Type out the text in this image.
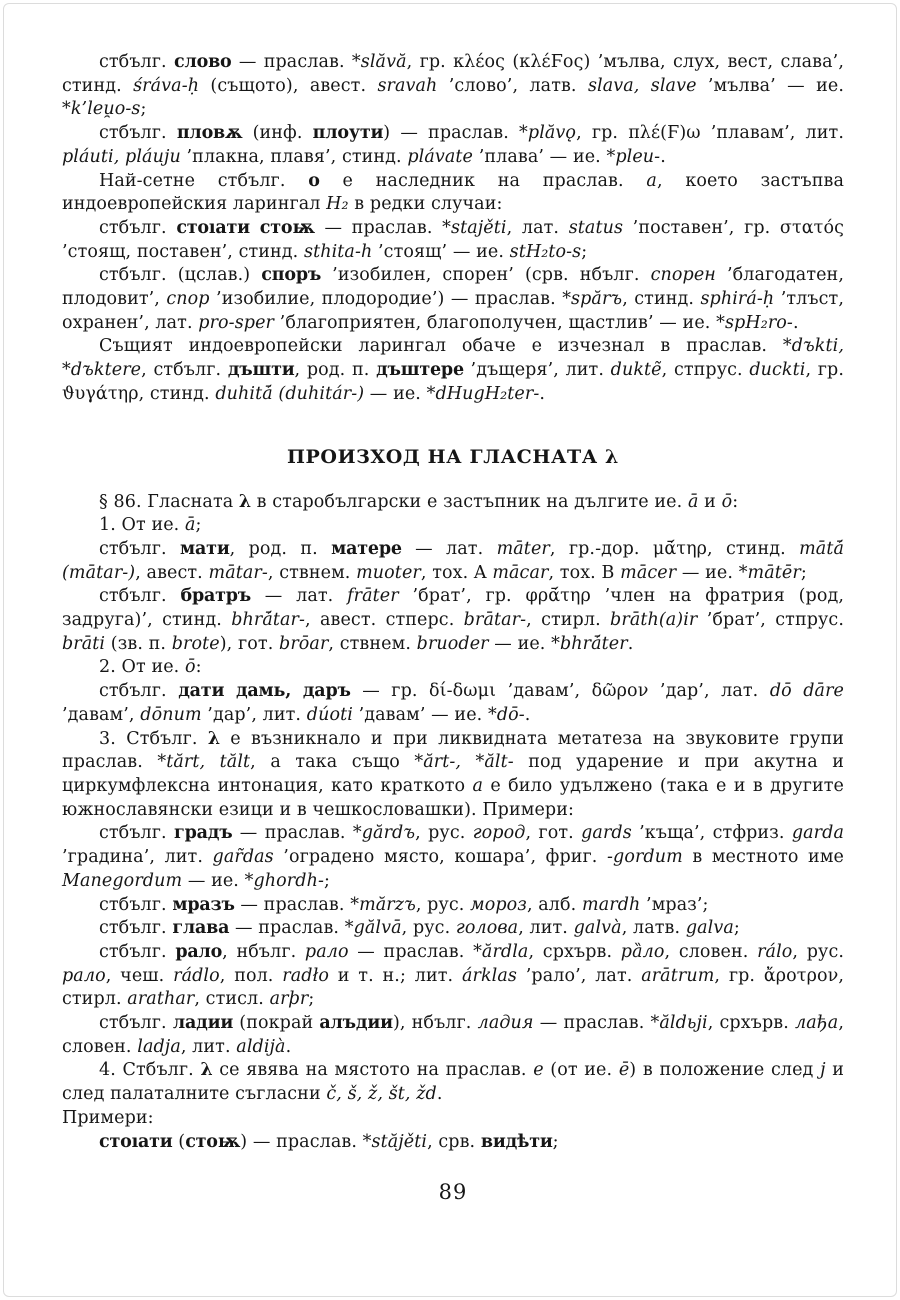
стбълг. слово — праслав. *slăvă, гр. κλέος (κλέϜος) ’мълва, слух, вест, слава’, стинд. śráva-ḥ (същото), авест. sravah ’слово’, латв. slava, slave ’мълва’ — ие. *k’leu̯o-s;

стбълг. пловѫ (инф. плоути) — праслав. *plăvǫ, гр. πλέ(Ϝ)ω ’плавам’, лит. pláuti, pláuju ’плакна, плавя’, стинд. plávate ’плава’ — ие. *pleu-.

Най-сетне стбълг. о е наследник на праслав. a, което застъпва индоевропейския ларингал H₂ в редки случаи:

стбълг. стоıати стоѭ — праслав. *stajěti, лат. status ’поставен’, гр. στατός ’стоящ, поставен’, стинд. sthita-h ’стоящ’ — ие. stH₂to-s;

стбълг. (цслав.) споръ ’изобилен, спорен’ (срв. нбълг. спорен ’благодатен, плодовит’, спор ’изобилие, плодородие’) — праслав. *spărъ, стинд. sphirá-ḥ ’тлъст, охранен’, лат. pro-sper ’благоприятен, благополучен, щастлив’ — ие. *spH₂ro-.

Същият индоевропейски ларингал обаче е изчезнал в праслав. *dъkti, *dъktere, стбълг. дъшти, род. п. дъштере ’дъщеря’, лит. duktẽ, стпрус. duckti, гр. ϑυγάτηρ, стинд. duhitā́ (duhitár-) — ие. *dHugH₂ter-.

ПРОИЗХОД НА ГЛАСНАТА λ

§ 86. Гласната λ в старобългарски е застъпник на дългите ие. ā и ō:

1. От ие. ā;

стбълг. мати, род. п. матере — лат. māter, гр.-дор. μᾱ́τηρ, стинд. mātā́ (mātar-), авест. mātar-, ствнем. muoter, тох. A mācar, тох. B mācer — ие. *mātēr;

стбълг. братръ — лат. frāter ’брат’, гр. φρᾱ́τηρ ’член на фратрия (род, задруга)’, стинд. bhrā́tar-, авест. стперс. brātar-, стирл. brāth(a)ir ’брат’, стпрус. brāti (зв. п. brote), гот. brōar, ствнем. bruoder — ие. *bhrā́ter.

2. От ие. ō:

стбълг. дати дамь, даръ — гр. δί-δωμι ’давам’, δῶρον ’дар’, лат. dō dāre ’давам’, dōnum ’дар’, лит. dúoti ’давам’ — ие. *dō-.

3. Стбълг. λ е възникнало и при ликвидната метатеза на звуковите групи праслав. *tărt, tălt, а така също *ărt-, *ălt- под ударение и при акутна и циркумфлексна интонация, като краткото a е било удължено (така е и в другите южнославянски езици и в чешкословашки). Примери:

стбълг. градъ — праслав. *gărdъ, рус. город, гот. gards ’къща’, стфриз. garda ’градина’, лит. gar̃das ’оградено място, кошара’, фриг. -gordum в местното име Manegordum — ие. *ghordh-;

стбълг. мразъ — праслав. *mărzъ, рус. мороз, алб. mardh ’мраз’;

стбълг. глава — праслав. *gălvā, рус. голова, лит. galvà, латв. galva;

стбълг. рало, нбълг. рало — праслав. *ărdla, срхърв. ра̏ло, словен. rálo, рус. рало, чеш. rádlo, пол. radło и т. н.; лит. árklas ’рало’, лат. arātrum, гр. ἄροτρον, стирл. arathar, стисл. arþr;

стбълг. ладии (покрай алъдии), нбълг. ладия — праслав. *ăldьji, срхърв. лађа, словен. ladja, лит. aldijà.

4. Стбълг. λ се явява на мястото на праслав. e (от ие. ē) в положение след j и след палаталните съгласни č, š, ž, št, žd.

Примери:

стоıати (стоѭ) — праслав. *stăjěti, срв. видѣти;

89
